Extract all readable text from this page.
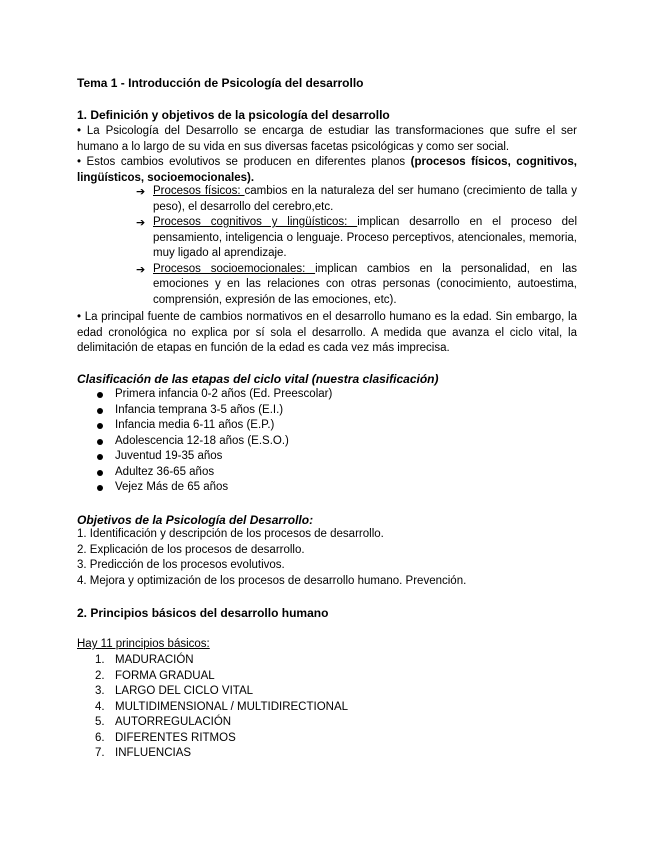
Tema 1 - Introducción de Psicología del desarrollo
1. Definición y objetivos de la psicología del desarrollo
• La Psicología del Desarrollo se encarga de estudiar las transformaciones que sufre el ser humano a lo largo de su vida en sus diversas facetas psicológicas y como ser social.
• Estos cambios evolutivos se producen en diferentes planos (procesos físicos, cognitivos, lingüísticos, socioemocionales).
➔ Procesos físicos: cambios en la naturaleza del ser humano (crecimiento de talla y peso), el desarrollo del cerebro,etc.
➔ Procesos cognitivos y lingüísticos: implican desarrollo en el proceso del pensamiento, inteligencia o lenguaje. Proceso perceptivos, atencionales, memoria, muy ligado al aprendizaje.
➔ Procesos socioemocionales: implican cambios en la personalidad, en las emociones y en las relaciones con otras personas (conocimiento, autoestima, comprensión, expresión de las emociones, etc).
• La principal fuente de cambios normativos en el desarrollo humano es la edad. Sin embargo, la edad cronológica no explica por sí sola el desarrollo. A medida que avanza el ciclo vital, la delimitación de etapas en función de la edad es cada vez más imprecisa.
Clasificación de las etapas del ciclo vital (nuestra clasificación)
Primera infancia 0-2 años (Ed. Preescolar)
Infancia temprana 3-5 años (E.I.)
Infancia media 6-11 años (E.P.)
Adolescencia 12-18 años (E.S.O.)
Juventud 19-35 años
Adultez 36-65 años
Vejez Más de 65 años
Objetivos de la Psicología del Desarrollo:
1. Identificación y descripción de los procesos de desarrollo.
2. Explicación de los procesos de desarrollo.
3. Predicción de los procesos evolutivos.
4. Mejora y optimización de los procesos de desarrollo humano. Prevención.
2. Principios básicos del desarrollo humano
Hay 11 principios básicos:
1. MADURACIÓN
2. FORMA GRADUAL
3. LARGO DEL CICLO VITAL
4. MULTIDIMENSIONAL / MULTIDIRECTIONAL
5. AUTORREGULACIÓN
6. DIFERENTES RITMOS
7. INFLUENCIAS
